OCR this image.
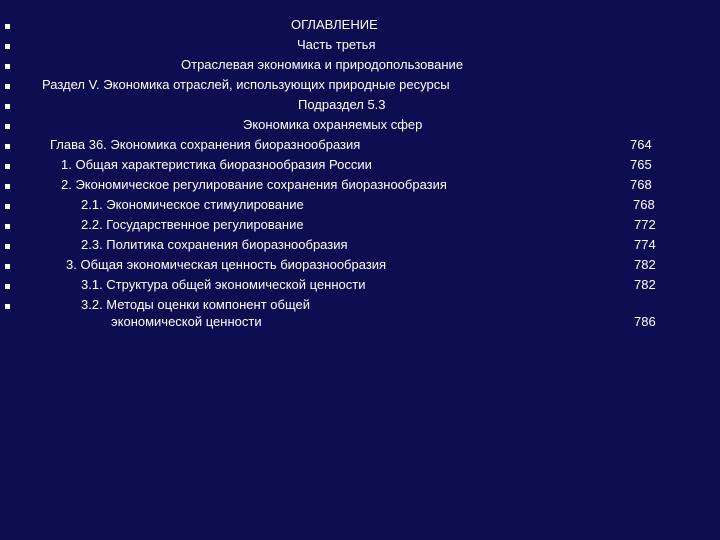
ОГЛАВЛЕНИЕ
Часть третья
Отраслевая экономика и природопользование
Раздел V. Экономика отраслей, использующих природные ресурсы
Подраздел 5.3
Экономика охраняемых сфер
Глава 36. Экономика сохранения биоразнообразия	764
1. Общая характеристика биоразнообразия России	765
2. Экономическое регулирование сохранения биоразнообразия	768
2.1. Экономическое стимулирование	768
2.2. Государственное регулирование	772
2.3. Политика сохранения биоразнообразия	774
3. Общая экономическая ценность биоразнообразия	782
3.1. Структура общей экономической ценности	782
3.2. Методы оценки компонент общей
экономической ценности	786
